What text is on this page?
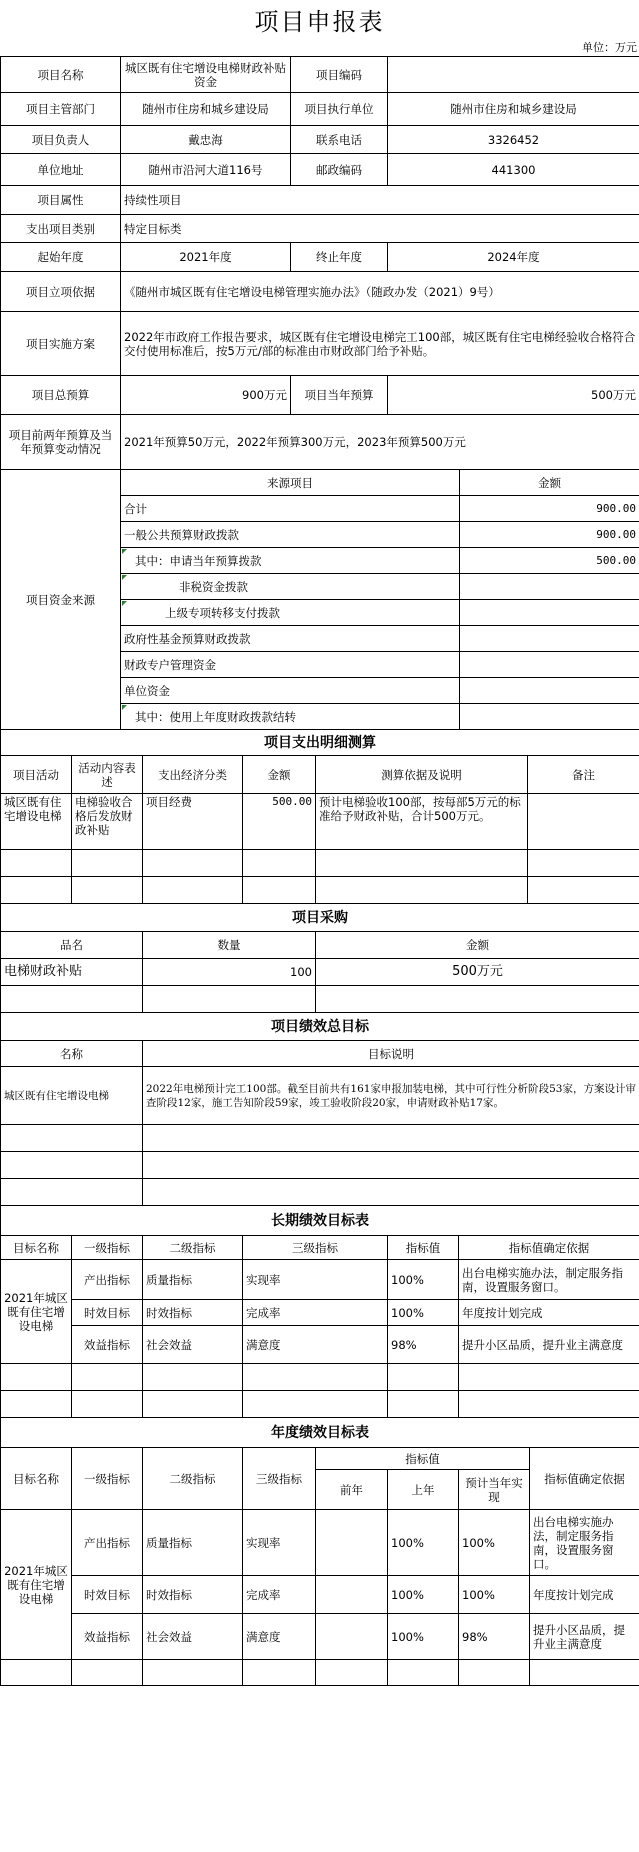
项目申报表
单位：万元
项目名称	城区既有住宅增设电梯财政补贴资金	项目编码	
项目主管部门	随州市住房和城乡建设局	项目执行单位	随州市住房和城乡建设局
项目负责人	戴忠海	联系电话	3326452
单位地址	随州市沿河大道116号	邮政编码	441300
项目属性	持续性项目		
支出项目类别	特定目标类		
起始年度	2021年度	终止年度	2024年度
项目立项依据	《随州市城区既有住宅增设电梯管理实施办法》（随政办发（2021）9号）		
项目实施方案	2022年市政府工作报告要求，城区既有住宅增设电梯完工100部，城区既有住宅电梯经验收合格符合交付使用标准后，按5万元/部的标准由市财政部门给予补贴。		
项目总预算	900万元	项目当年预算	500万元
项目前两年预算及当年预算变动情况	2021年预算50万元，2022年预算300万元，2023年预算500万元		
项目资金来源	来源项目	金额
	合计	900.00
	一般公共预算财政拨款	900.00
	其中：申请当年预算拨款	500.00
	非税资金拨款	
	上级专项转移支付拨款	
	政府性基金预算财政拨款	
	财政专户管理资金	
	单位资金	
	其中：使用上年度财政拨款结转	
项目支出明细测算					
项目活动	活动内容表述	支出经济分类	金额	测算依据及说明	备注
城区既有住宅增设电梯	电梯验收合格后发放财政补贴	项目经费	500.00	预计电梯验收100部，按每部5万元的标准给予财政补贴，合计500万元。	

项目采购		
品名	数量	金额
电梯财政补贴	100	500万元

项目绩效总目标	
名称	目标说明
城区既有住宅增设电梯	2022年电梯预计完工100部。截至目前共有161家申报加装电梯，其中可行性分析阶段53家，方案设计审查阶段12家，施工告知阶段59家，竣工验收阶段20家，申请财政补贴17家。

长期绩效目标表					
目标名称	一级指标	二级指标	三级指标	指标值	指标值确定依据
2021年城区既有住宅增设电梯	产出指标	质量指标	实现率	100%	出台电梯实施办法，制定服务指南，设置服务窗口。
	时效目标	时效指标	完成率	100%	年度按计划完成
	效益指标	社会效益	满意度	98%	提升小区品质，提升业主满意度

年度绩效目标表							
目标名称	一级指标	二级指标	三级指标	指标值			指标值确定依据
				前年	上年	预计当年实现	
2021年城区既有住宅增设电梯	产出指标	质量指标	实现率		100%	100%	出台电梯实施办法，制定服务指南，设置服务窗口。
	时效目标	时效指标	完成率		100%	100%	年度按计划完成
	效益指标	社会效益	满意度		100%	98%	提升小区品质，提升业主满意度
